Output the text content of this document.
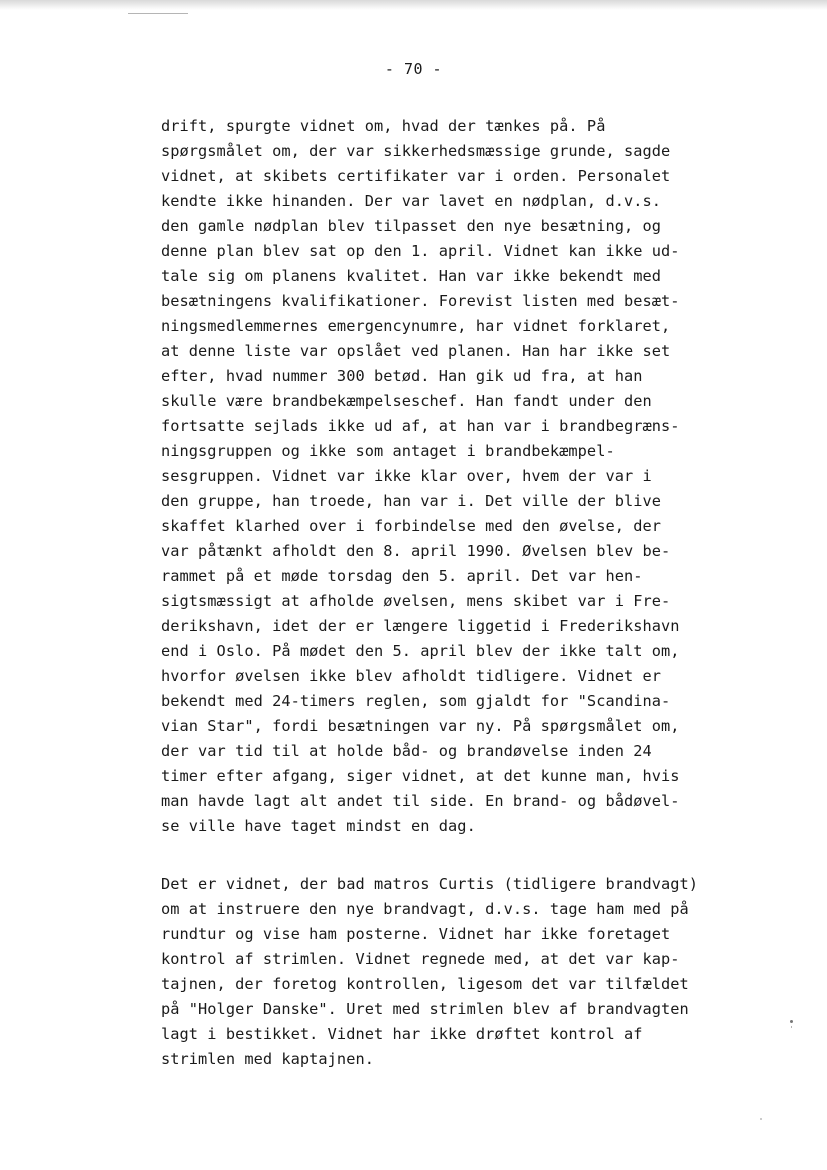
- 70 -
drift, spurgte vidnet om, hvad der tænkes på. På
spørgsmålet om, der var sikkerhedsmæssige grunde, sagde
vidnet, at skibets certifikater var i orden. Personalet
kendte ikke hinanden. Der var lavet en nødplan, d.v.s.
den gamle nødplan blev tilpasset den nye besætning, og
denne plan blev sat op den 1. april. Vidnet kan ikke ud-
tale sig om planens kvalitet. Han var ikke bekendt med
besætningens kvalifikationer. Forevist listen med besæt-
ningsmedlemmernes emergencynumre, har vidnet forklaret,
at denne liste var opslået ved planen. Han har ikke set
efter, hvad nummer 300 betød. Han gik ud fra, at han
skulle være brandbekæmpelseschef. Han fandt under den
fortsatte sejlads ikke ud af, at han var i brandbegræns-
ningsgruppen og ikke som antaget i brandbekæmpel-
sesgruppen. Vidnet var ikke klar over, hvem der var i
den gruppe, han troede, han var i. Det ville der blive
skaffet klarhed over i forbindelse med den øvelse, der
var påtænkt afholdt den 8. april 1990. Øvelsen blev be-
rammet på et møde torsdag den 5. april. Det var hen-
sigtsmæssigt at afholde øvelsen, mens skibet var i Fre-
derikshavn, idet der er længere liggetid i Frederikshavn
end i Oslo. På mødet den 5. april blev der ikke talt om,
hvorfor øvelsen ikke blev afholdt tidligere. Vidnet er
bekendt med 24-timers reglen, som gjaldt for "Scandina-
vian Star", fordi besætningen var ny. På spørgsmålet om,
der var tid til at holde båd- og brandøvelse inden 24
timer efter afgang, siger vidnet, at det kunne man, hvis
man havde lagt alt andet til side. En brand- og bådøvel-
se ville have taget mindst en dag.
Det er vidnet, der bad matros Curtis (tidligere brandvagt)
om at instruere den nye brandvagt, d.v.s. tage ham med på
rundtur og vise ham posterne. Vidnet har ikke foretaget
kontrol af strimlen. Vidnet regnede med, at det var kap-
tajnen, der foretog kontrollen, ligesom det var tilfældet
på "Holger Danske". Uret med strimlen blev af brandvagten
lagt i bestikket. Vidnet har ikke drøftet kontrol af
strimlen med kaptajnen.
